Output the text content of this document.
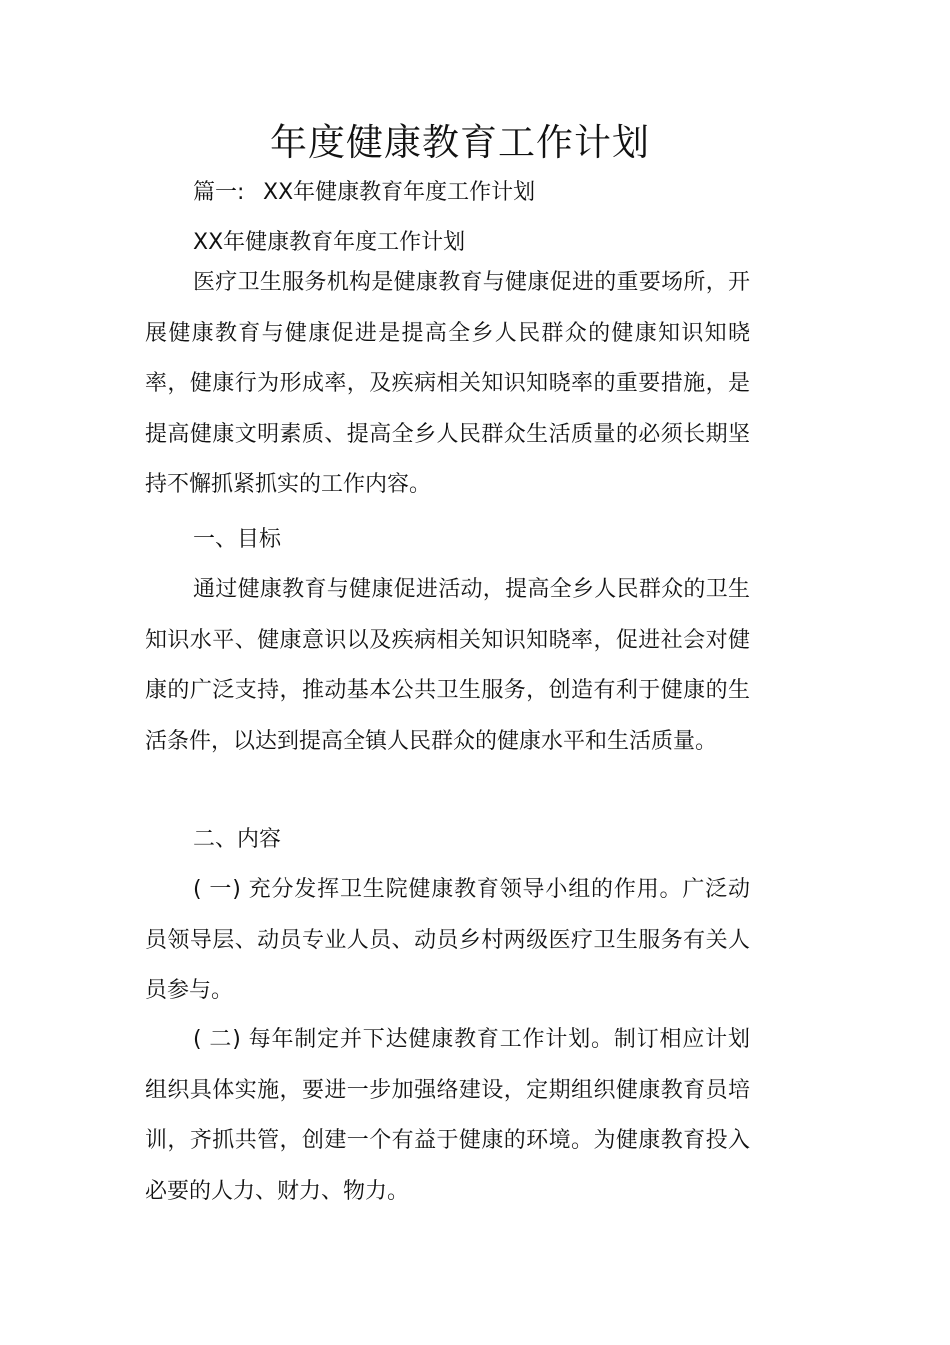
年度健康教育工作计划
篇一: XX年健康教育年度工作计划
XX年健康教育年度工作计划

医疗卫生服务机构是健康教育与健康促进的重要场所，开展健康教育与健康促进是提高全乡人民群众的健康知识知晓率，健康行为形成率，及疾病相关知识知晓率的重要措施，是提高健康文明素质、提高全乡人民群众生活质量的必须长期坚持不懈抓紧抓实的工作内容。

一、目标

通过健康教育与健康促进活动，提高全乡人民群众的卫生知识水平、健康意识以及疾病相关知识知晓率，促进社会对健康的广泛支持，推动基本公共卫生服务，创造有利于健康的生活条件，以达到提高全镇人民群众的健康水平和生活质量。

二、内容

( 一) 充分发挥卫生院健康教育领导小组的作用。广泛动员领导层、动员专业人员、动员乡村两级医疗卫生服务有关人员参与。

( 二) 每年制定并下达健康教育工作计划。制订相应计划组织具体实施，要进一步加强络建设，定期组织健康教育员培训，齐抓共管，创建一个有益于健康的环境。为健康教育投入必要的人力、财力、物力。
